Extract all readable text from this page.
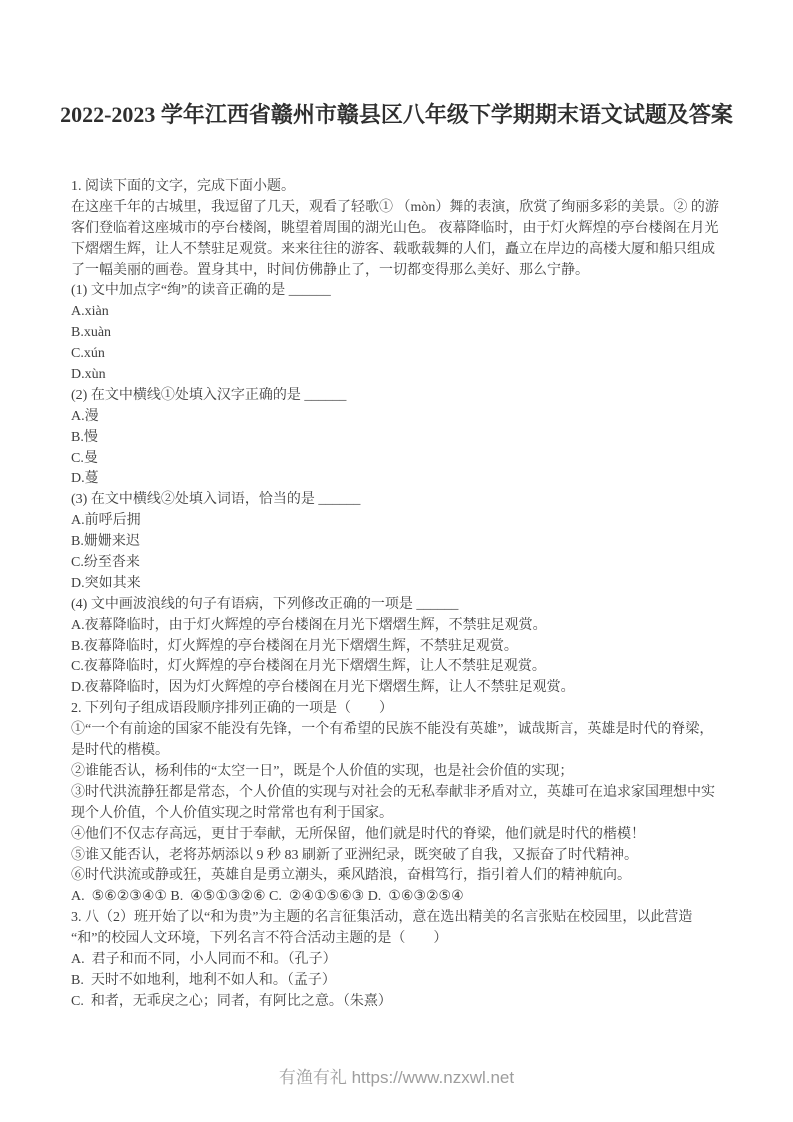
2022-2023 学年江西省赣州市赣县区八年级下学期期末语文试题及答案
1. 阅读下面的文字，完成下面小题。
在这座千年的古城里，我逗留了几天，观看了轻歌① （mòn）舞的表演，欣赏了绚丽多彩的美景。② 的游
客们登临着这座城市的亭台楼阁，眺望着周围的湖光山色。 夜幕降临时，由于灯火辉煌的亭台楼阁在月光
下熠熠生辉，让人不禁驻足观赏。来来往往的游客、载歌载舞的人们，矗立在岸边的高楼大厦和船只组成
了一幅美丽的画卷。置身其中，时间仿佛静止了，一切都变得那么美好、那么宁静。
(1) 文中加点字“绚”的读音正确的是 ______
A.xiàn
B.xuàn
C.xún
D.xùn
(2) 在文中横线①处填入汉字正确的是 ______
A.漫
B.慢
C.曼
D.蔓
(3) 在文中横线②处填入词语，恰当的是 ______
A.前呼后拥
B.姗姗来迟
C.纷至沓来
D.突如其来
(4) 文中画波浪线的句子有语病，下列修改正确的一项是 ______
A.夜幕降临时，由于灯火辉煌的亭台楼阁在月光下熠熠生辉，不禁驻足观赏。
B.夜幕降临时，灯火辉煌的亭台楼阁在月光下熠熠生辉，不禁驻足观赏。
C.夜幕降临时，灯火辉煌的亭台楼阁在月光下熠熠生辉，让人不禁驻足观赏。
D.夜幕降临时，因为灯火辉煌的亭台楼阁在月光下熠熠生辉，让人不禁驻足观赏。
2. 下列句子组成语段顺序排列正确的一项是（　　）
①“一个有前途的国家不能没有先锋，一个有希望的民族不能没有英雄”，诚哉斯言，英雄是时代的脊梁，
是时代的楷模。
②谁能否认，杨利伟的“太空一日”，既是个人价值的实现，也是社会价值的实现；
③时代洪流静狂都是常态，个人价值的实现与对社会的无私奉献非矛盾对立，英雄可在追求家国理想中实
现个人价值，个人价值实现之时常常也有利于国家。
④他们不仅志存高远，更甘于奉献，无所保留，他们就是时代的脊梁，他们就是时代的楷模！
⑤谁又能否认，老将苏炳添以 9 秒 83 刷新了亚洲纪录，既突破了自我，又振奋了时代精神。
⑥时代洪流或静或狂，英雄自是勇立潮头，乘风踏浪，奋楫笃行，指引着人们的精神航向。
A.  ⑤⑥②③④① B.  ④⑤①③②⑥ C.  ②④①⑤⑥③ D.  ①⑥③②⑤④
3. 八（2）班开始了以“和为贵”为主题的名言征集活动，意在选出精美的名言张贴在校园里，以此营造
“和”的校园人文环境，下列名言不符合活动主题的是（　　）
A.  君子和而不同，小人同而不和。（孔子）
B.  天时不如地利，地利不如人和。（孟子）
C.  和者，无乖戾之心；同者，有阿比之意。（朱熹）
有渔有礼 https://www.nzxwl.net
